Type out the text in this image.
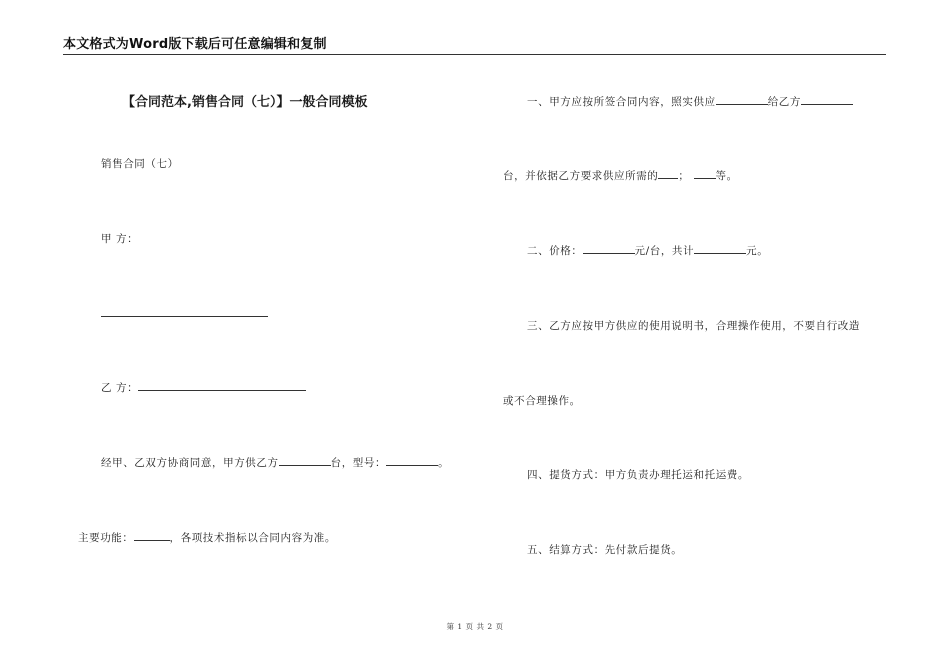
本文格式为Word版下载后可任意编辑和复制
【合同范本,销售合同（七）】一般合同模板
销售合同（七）
甲 方：
乙 方：
经甲、乙双方协商同意，甲方供乙方	台，型号：	。
主要功能：	，各项技术指标以合同内容为准。
一、甲方应按所签合同内容，照实供应	给乙方
台，并依据乙方要求供应所需的 ； 等。
二、价格：	元/台，共计	元。
三、乙方应按甲方供应的使用说明书，合理操作使用，不要自行改造
或不合理操作。
四、提货方式：甲方负责办理托运和托运费。
五、结算方式：先付款后提货。
第 1 页 共 2 页
